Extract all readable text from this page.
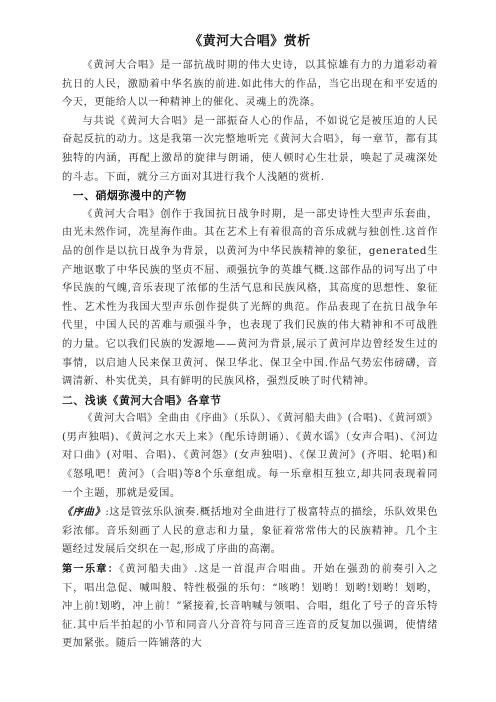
《黄河大合唱》赏析

《黄河大合唱》是一部抗战时期的伟大史诗，以其惊雄有力的力道彩动着抗日的人民，激励着中华名族的前进.如此伟大的作品，当它出现在和平安适的今天，更能给人以一种精神上的催化、灵魂上的洗涤。

与共说《黄河大合唱》是一部振奋人心的作品，不如说它是被压迫的人民奋起反抗的动力。这是我第一次完整地听完《黄河大合唱》，每一章节，都有其独特的内涵，再配上激昂的旋律与朗诵，使人顿时心生壮景，唤起了灵魂深处的斗志。下面，就分三方面对其进行我个人浅陋的赏析.

一、硝烟弥漫中的产物

《黄河大合唱》创作于我国抗日战争时期，是一部史诗性大型声乐套曲，由光未然作词，冼星海作曲。其在艺术上有着很高的音乐成就与独创性.这首作品的创作是以抗日战争为背景，以黄河为中华民族精神的象征，generated生产地讴歌了中华民族的坚贞不屈、顽强抗争的英雄气概.这部作品的词写出了中华民族的气魄,音乐表现了浓郁的生活气息和民族风格，其高度的思想性、象征性、艺术性为我国大型声乐创作提供了光辉的典范。作品表现了在抗日战争年代里，中国人民的苦难与顽强斗争，也表现了我们民族的伟大精神和不可战胜的力量。它以我们民族的发源地——黄河为背景,展示了黄河岸边曾经发生过的事情，以启迪人民来保卫黄河、保卫华北、保卫全中国.作品气势宏伟磅礴，音调清新、朴实优美，具有鲜明的民族风格，强烈反映了时代精神。

二、浅谈《黄河大合唱》各章节

《黄河大合唱》全曲由《序曲》（乐队）、《黄河船夫曲》(合唱)、《黄河颂》(男声独唱)、《黄河之水天上来》（配乐诗朗诵）、《黄水谣》（女声合唱)、《河边对口曲》(对唱、合唱)、《黄河怨》(女声独唱)、《保卫黄河》(齐唱、轮唱)和《怒吼吧！黄河》（合唱)等8个乐章组成。每一乐章相互独立,却共同表现着同一个主题，那就是爱国。

《序曲》:这是管弦乐队演奏.概括地对全曲进行了极富特点的描绘，乐队效果色彩浓郁。音乐刻画了人民的意志和力量，象征着常常伟大的民族精神。几个主题经过发展后交织在一起,形成了序曲的高潮。

第一乐章：《黄河船夫曲》.这是一首混声合唱曲。开始在强劲的前奏引入之下，唱出急促、喊叫般、特性极强的乐句：“咳哟！划哟！划哟!划哟！划哟，冲上前!划哟，冲上前！”紧接着,长音呐喊与领唱、合唱，组化了号子的音乐特征.其中后半拍起的小节和同音八分音符与同音三连音的反复加以强调，使情绪更加紧张。随后一阵铺落的大
